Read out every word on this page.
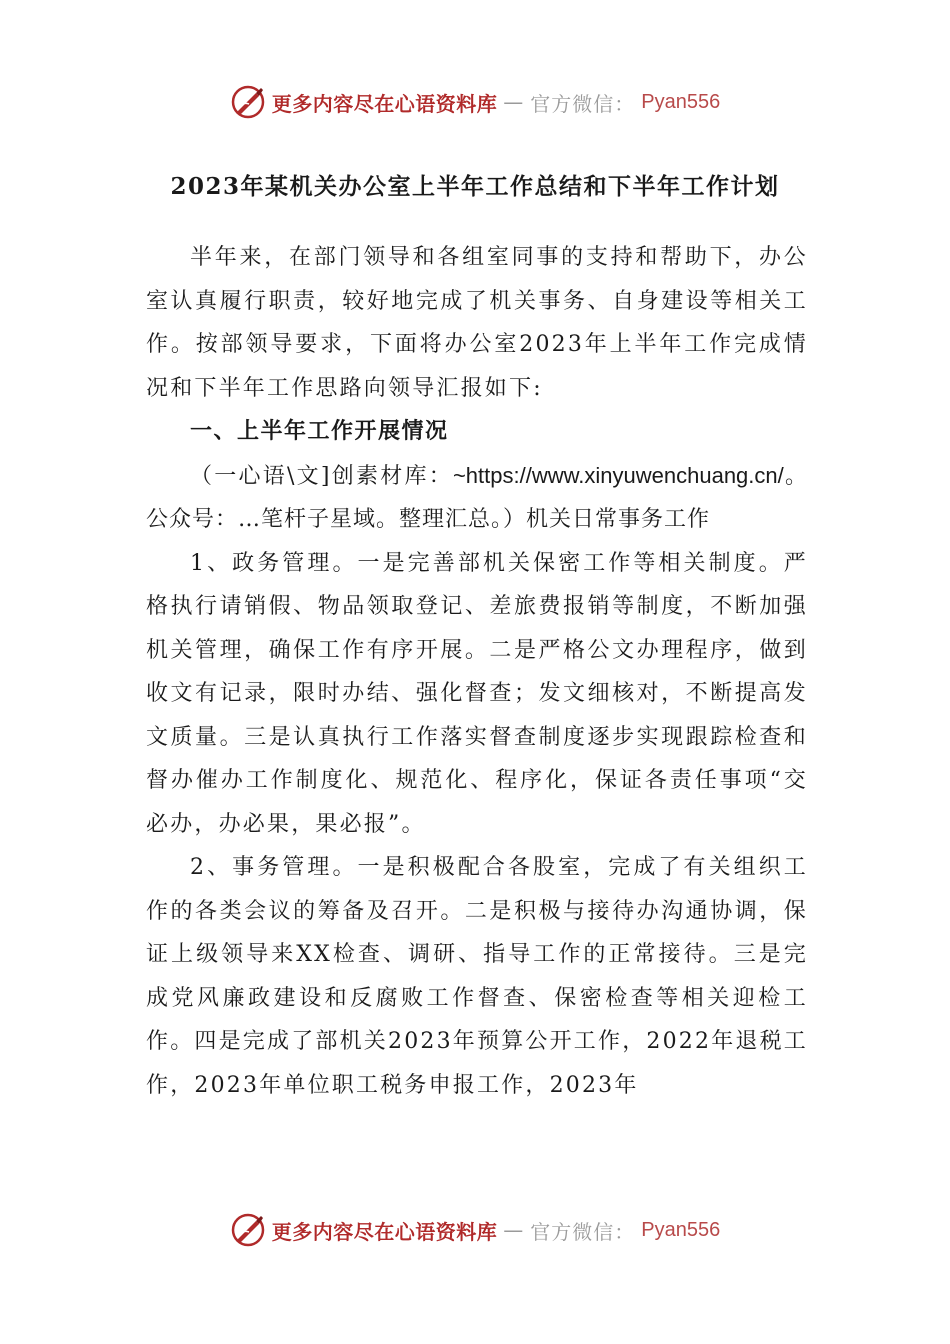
更多内容尽在心语资料库 — 官方微信： Pyan556
2023年某机关办公室上半年工作总结和下半年工作计划

半年来，在部门领导和各组室同事的支持和帮助下，办公室认真履行职责，较好地完成了机关事务、自身建设等相关工作。按部领导要求，下面将办公室2023年上半年工作完成情况和下半年工作思路向领导汇报如下:

一、上半年工作开展情况

（一心语\文]创素材库：~https://www.xinyuwenchuang.cn/。公众号：…笔杆子星域。整理汇总。）机关日常事务工作

1、政务管理。一是完善部机关保密工作等相关制度。严格执行请销假、物品领取登记、差旅费报销等制度，不断加强机关管理，确保工作有序开展。二是严格公文办理程序，做到收文有记录，限时办结、强化督查；发文细核对，不断提高发文质量。三是认真执行工作落实督查制度逐步实现跟踪检查和督办催办工作制度化、规范化、程序化，保证各责任事项“交必办，办必果，果必报”。

2、事务管理。一是积极配合各股室，完成了有关组织工作的各类会议的筹备及召开。二是积极与接待办沟通协调，保证上级领导来XX检查、调研、指导工作的正常接待。三是完成党风廉政建设和反腐败工作督查、保密检查等相关迎检工作。四是完成了部机关2023年预算公开工作，2022年退税工作，2023年单位职工税务申报工作，2023年

更多内容尽在心语资料库 — 官方微信： Pyan556
